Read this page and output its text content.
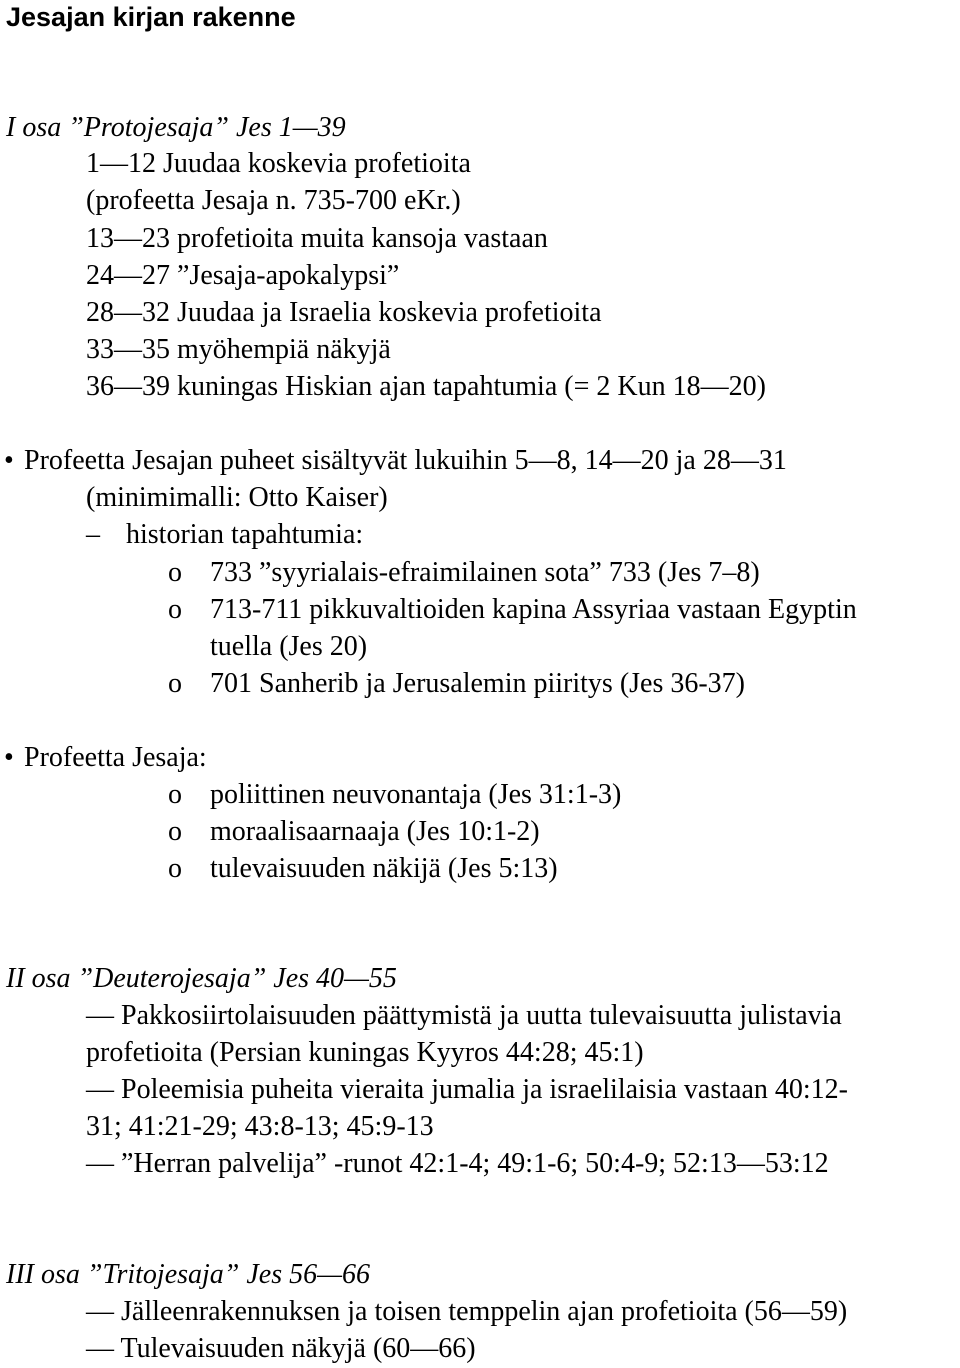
Jesajan kirjan rakenne
I osa ”Protojesaja” Jes 1—39
1—12 Juudaa koskevia profetioita
(profeetta Jesaja n. 735-700 eKr.)
13—23 profetioita muita kansoja vastaan
24—27 ”Jesaja-apokalypsi”
28—32 Juudaa ja Israelia koskevia profetioita
33—35 myöhempiä näkyjä
36—39 kuningas Hiskian ajan tapahtumia (= 2 Kun 18—20)
• Profeetta Jesajan puheet sisältyvät lukuihin 5—8, 14—20 ja 28—31
(minimimalli: Otto Kaiser)
– historian tapahtumia:
o 733 ”syyrialais-efraimilainen sota” 733 (Jes 7–8)
o 713-711 pikkuvaltioiden kapina Assyriaa vastaan Egyptin
tuella (Jes 20)
o 701 Sanherib ja Jerusalemin piiritys (Jes 36-37)
• Profeetta Jesaja:
o poliittinen neuvonantaja (Jes 31:1-3)
o moraalisaarnaaja (Jes 10:1-2)
o tulevaisuuden näkijä (Jes 5:13)
II osa ”Deuterojesaja” Jes 40—55
— Pakkosiirtolaisuuden päättymistä ja uutta tulevaisuutta julistavia
profetioita (Persian kuningas Kyyros 44:28; 45:1)
— Poleemisia puheita vieraita jumalia ja israelilaisia vastaan 40:12-
31; 41:21-29; 43:8-13; 45:9-13
— ”Herran palvelija” -runot 42:1-4; 49:1-6; 50:4-9; 52:13—53:12
III osa ”Tritojesaja” Jes 56—66
— Jälleenrakennuksen ja toisen temppelin ajan profetioita (56—59)
— Tulevaisuuden näkyjä (60—66)
